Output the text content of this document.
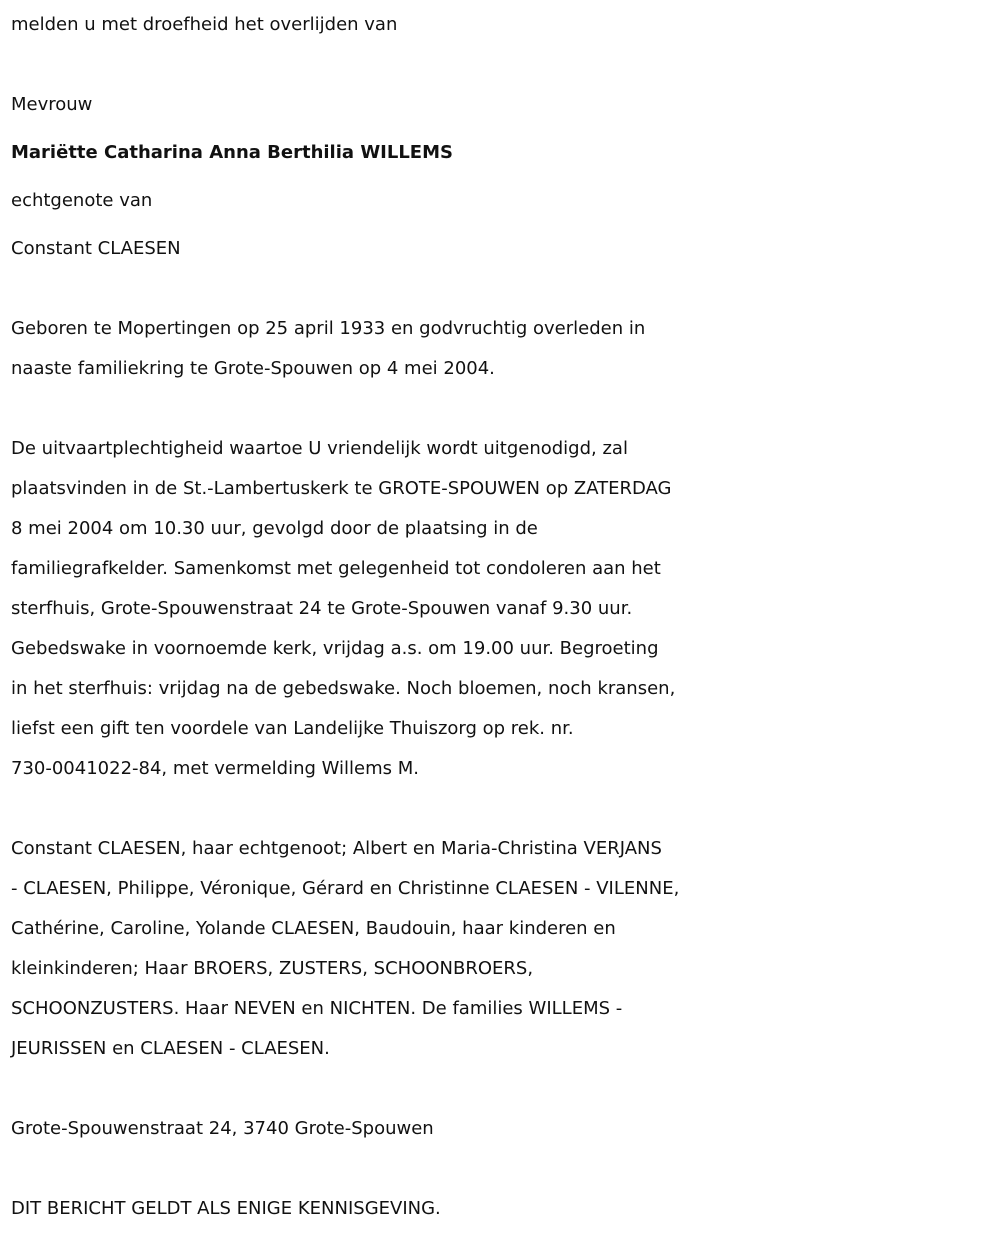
melden u met droefheid het overlijden van
Mevrouw
Mariëtte Catharina Anna Berthilia WILLEMS
echtgenote van
Constant CLAESEN
Geboren te Mopertingen op 25 april 1933 en godvruchtig overleden in
naaste familiekring te Grote-Spouwen op 4 mei 2004.
De uitvaartplechtigheid waartoe U vriendelijk wordt uitgenodigd, zal
plaatsvinden in de St.-Lambertuskerk te GROTE-SPOUWEN op ZATERDAG
8 mei 2004 om 10.30 uur, gevolgd door de plaatsing in de
familiegrafkelder. Samenkomst met gelegenheid tot condoleren aan het
sterfhuis, Grote-Spouwenstraat 24 te Grote-Spouwen vanaf 9.30 uur.
Gebedswake in voornoemde kerk, vrijdag a.s. om 19.00 uur. Begroeting
in het sterfhuis: vrijdag na de gebedswake. Noch bloemen, noch kransen,
liefst een gift ten voordele van Landelijke Thuiszorg op rek. nr.
730-0041022-84, met vermelding Willems M.
Constant CLAESEN, haar echtgenoot; Albert en Maria-Christina VERJANS
- CLAESEN, Philippe, Véronique, Gérard en Christinne CLAESEN - VILENNE,
Cathérine, Caroline, Yolande CLAESEN, Baudouin, haar kinderen en
kleinkinderen; Haar BROERS, ZUSTERS, SCHOONBROERS,
SCHOONZUSTERS. Haar NEVEN en NICHTEN. De families WILLEMS -
JEURISSEN en CLAESEN - CLAESEN.
Grote-Spouwenstraat 24, 3740 Grote-Spouwen
DIT BERICHT GELDT ALS ENIGE KENNISGEVING.
